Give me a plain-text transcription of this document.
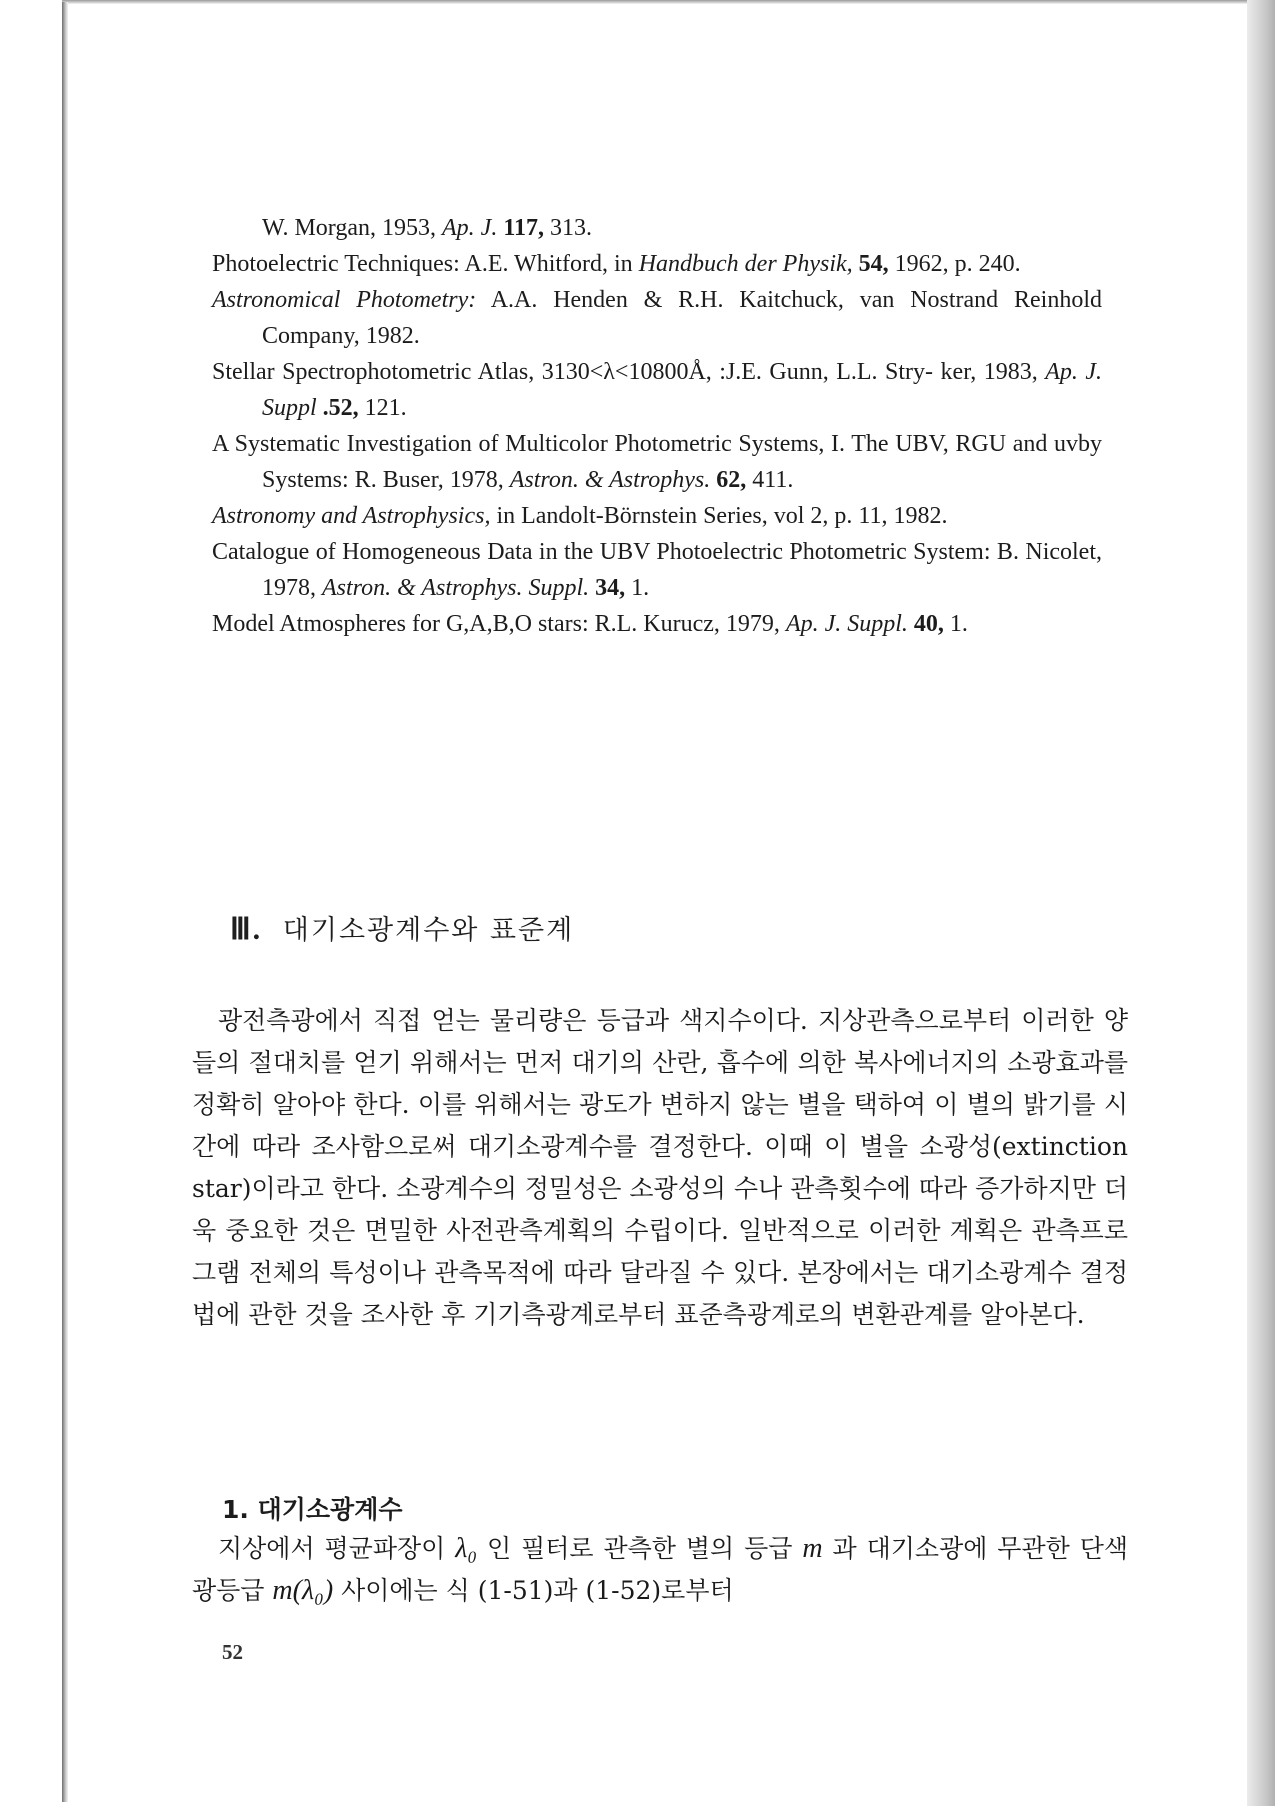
W. Morgan, 1953, Ap. J. 117, 313.
Photoelectric Techniques: A.E. Whitford, in Handbuch der Physik, 54, 1962, p. 240.
Astronomical Photometry: A.A. Henden & R.H. Kaitchuck, van Nostrand Reinhold Company, 1982.
Stellar Spectrophotometric Atlas, 3130<λ<10800Å, :J.E. Gunn, L.L. Stry- ker, 1983, Ap. J. Suppl .52, 121.
A Systematic Investigation of Multicolor Photometric Systems, I. The UBV, RGU and uvby Systems: R. Buser, 1978, Astron. & Astrophys. 62, 411.
Astronomy and Astrophysics, in Landolt-Börnstein Series, vol 2, p. 11, 1982.
Catalogue of Homogeneous Data in the UBV Photoelectric Photometric System: B. Nicolet, 1978, Astron. & Astrophys. Suppl. 34, 1.
Model Atmospheres for G,A,B,O stars: R.L. Kurucz, 1979, Ap. J. Suppl. 40, 1.
Ⅲ. 대기소광계수와 표준계
광전측광에서 직접 얻는 물리량은 등급과 색지수이다. 지상관측으로부터 이러한 양들의 절대치를 얻기 위해서는 먼저 대기의 산란, 흡수에 의한 복사에너지의 소광효과를 정확히 알아야 한다. 이를 위해서는 광도가 변하지 않는 별을 택하여 이 별의 밝기를 시간에 따라 조사함으로써 대기소광계수를 결정한다. 이때 이 별을 소광성(extinction star)이라고 한다. 소광계수의 정밀성은 소광성의 수나 관측횟수에 따라 증가하지만 더욱 중요한 것은 면밀한 사전관측계획의 수립이다. 일반적으로 이러한 계획은 관측프로그램 전체의 특성이나 관측목적에 따라 달라질 수 있다. 본장에서는 대기소광계수 결정법에 관한 것을 조사한 후 기기측광계로부터 표준측광계로의 변환관계를 알아본다.
1. 대기소광계수
지상에서 평균파장이 λ₀ 인 필터로 관측한 별의 등급 m 과 대기소광에 무관한 단색광등급 m(λ₀) 사이에는 식 (1-51)과 (1-52)로부터
52
